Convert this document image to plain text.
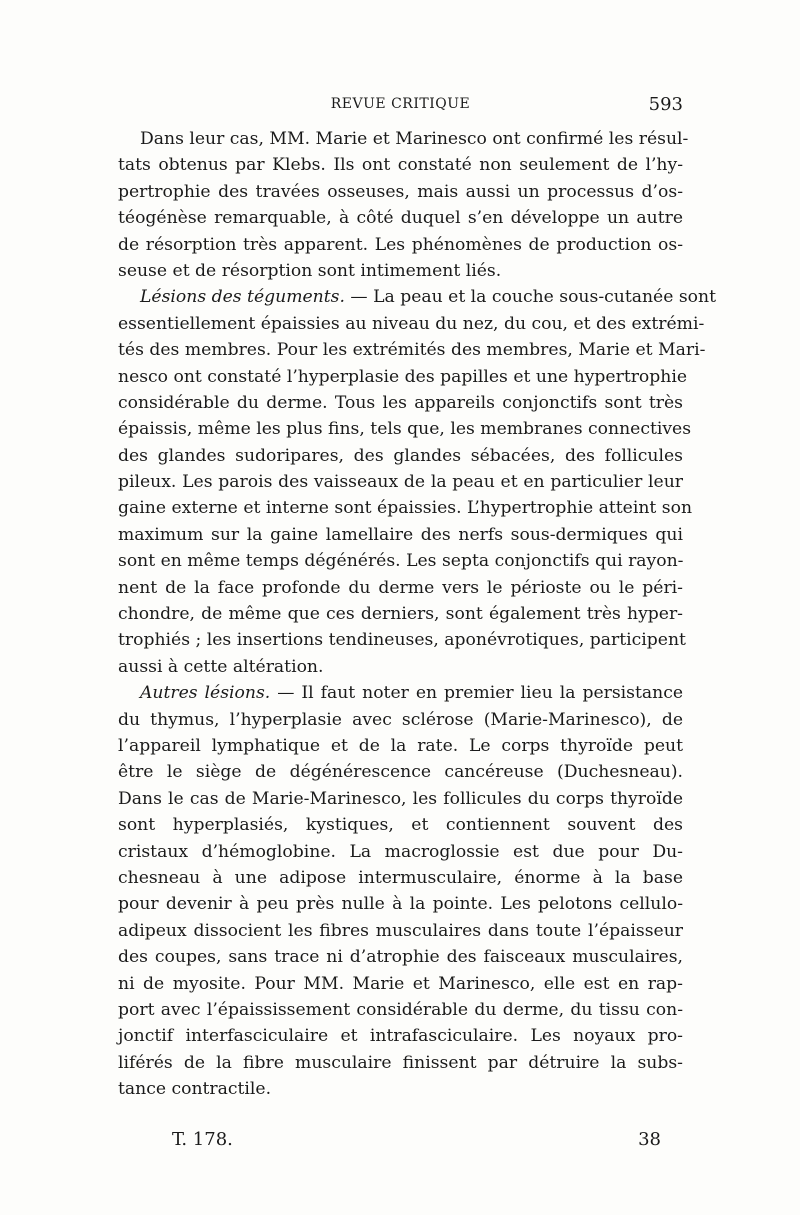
REVUE CRITIQUE	593
Dans leur cas, MM. Marie et Marinesco ont confirmé les résul-
tats obtenus par Klebs. Ils ont constaté non seulement de l’hy-
pertrophie des travées osseuses, mais aussi un processus d’os-
téogénèse remarquable, à côté duquel s’en développe un autre
de résorption très apparent. Les phénomènes de production os-
seuse et de résorption sont intimement liés.
Lésions des téguments. — La peau et la couche sous-cutanée sont
essentiellement épaissies au niveau du nez, du cou, et des extrémi-
tés des membres. Pour les extrémités des membres, Marie et Mari-
nesco ont constaté l’hyperplasie des papilles et une hypertrophie
considérable du derme. Tous les appareils conjonctifs sont très
épaissis, même les plus fins, tels que, les membranes connectives
des glandes sudoripares, des glandes sébacées, des follicules
pileux. Les parois des vaisseaux de la peau et en particulier leur
gaine externe et interne sont épaissies. L’hypertrophie atteint son
maximum sur la gaine lamellaire des nerfs sous-dermiques qui
sont en même temps dégénérés. Les septa conjonctifs qui rayon-
nent de la face profonde du derme vers le périoste ou le péri-
chondre, de même que ces derniers, sont également très hyper-
trophiés ; les insertions tendineuses, aponévrotiques, participent
aussi à cette altération.
Autres lésions. — Il faut noter en premier lieu la persistance
du thymus, l’hyperplasie avec sclérose (Marie-Marinesco), de
l’appareil lymphatique et de la rate. Le corps thyroïde peut
être le siège de dégénérescence cancéreuse (Duchesneau).
Dans le cas de Marie-Marinesco, les follicules du corps thyroïde
sont hyperplasiés, kystiques, et contiennent souvent des
cristaux d’hémoglobine. La macroglossie est due pour Du-
chesneau à une adipose intermusculaire, énorme à la base
pour devenir à peu près nulle à la pointe. Les pelotons cellulo-
adipeux dissocient les fibres musculaires dans toute l’épaisseur
des coupes, sans trace ni d’atrophie des faisceaux musculaires,
ni de myosite. Pour MM. Marie et Marinesco, elle est en rap-
port avec l’épaississement considérable du derme, du tissu con-
jonctif interfasciculaire et intrafasciculaire. Les noyaux pro-
liférés de la fibre musculaire finissent par détruire la subs-
tance contractile.
T. 178.	38
